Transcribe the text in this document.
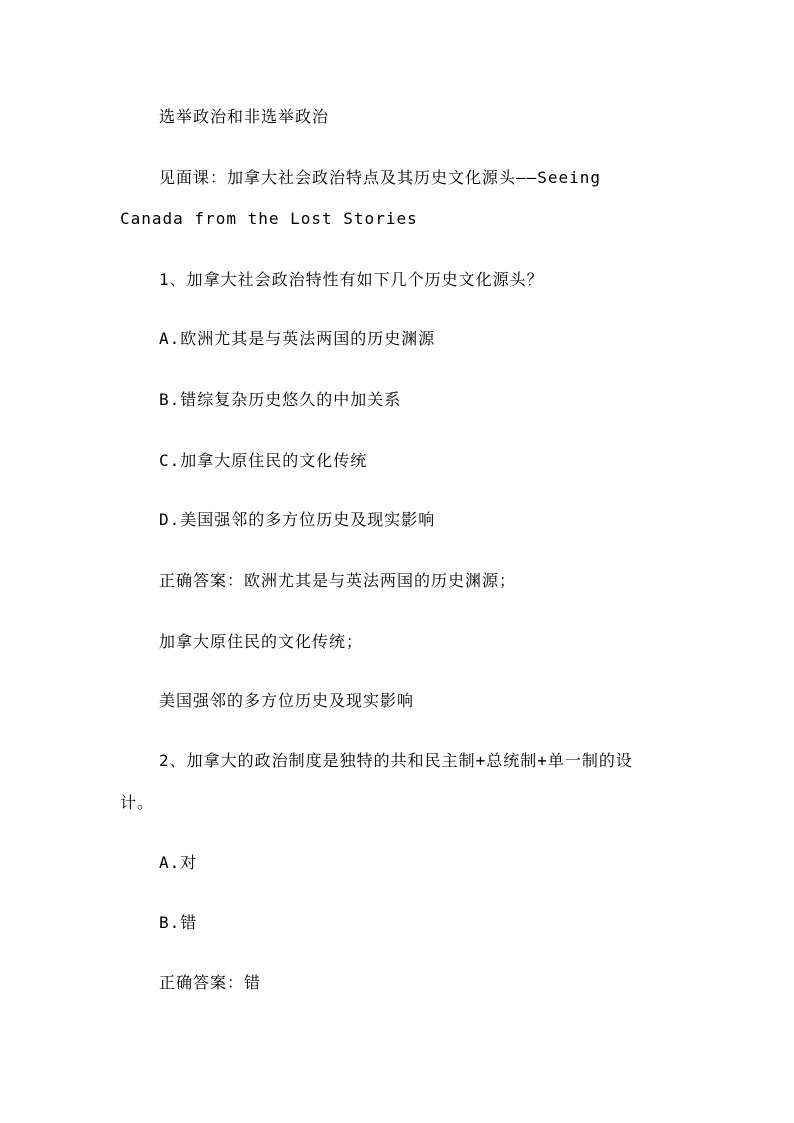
选举政治和非选举政治
见面课：加拿大社会政治特点及其历史文化源头——Seeing
Canada from the Lost Stories
1、加拿大社会政治特性有如下几个历史文化源头？
A.欧洲尤其是与英法两国的历史渊源
B.错综复杂历史悠久的中加关系
C.加拿大原住民的文化传统
D.美国强邻的多方位历史及现实影响
正确答案：欧洲尤其是与英法两国的历史渊源；
加拿大原住民的文化传统；
美国强邻的多方位历史及现实影响
2、加拿大的政治制度是独特的共和民主制+总统制+单一制的设
计。
A.对
B.错
正确答案：错
